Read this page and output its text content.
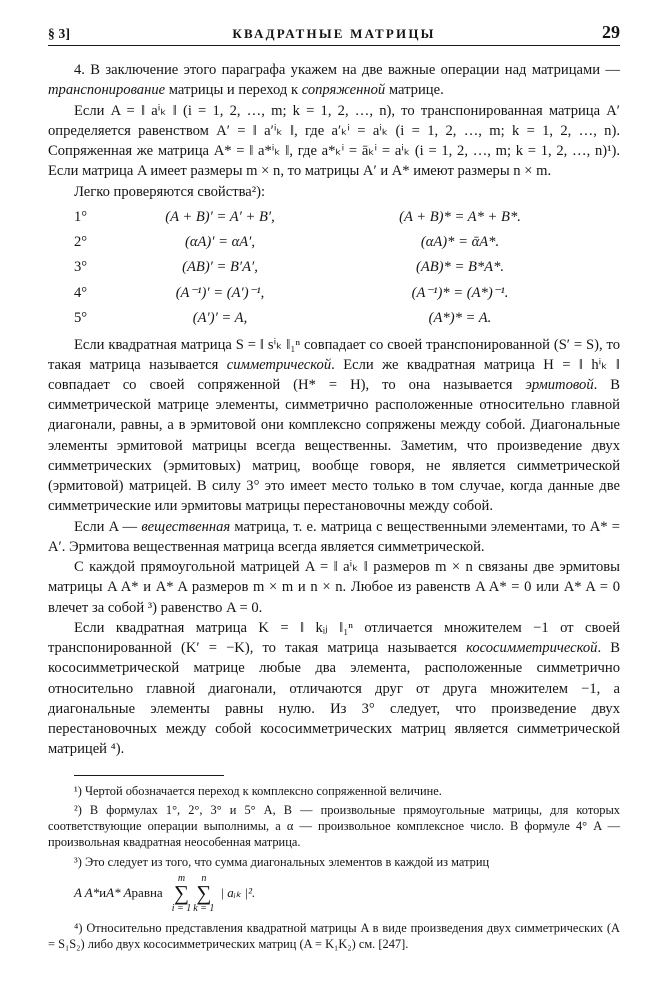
§ 3]	КВАДРАТНЫЕ МАТРИЦЫ	29

4. В заключение этого параграфа укажем на две важные операции над матрицами — транспонирование матрицы и переход к сопряженной матрице.

Если A = ‖ aⁱₖ ‖ (i = 1, 2, …, m; k = 1, 2, …, n), то транспонированная матрица A′ определяется равенством A′ = ‖ a′ⁱₖ ‖, где a′ₖⁱ = aⁱₖ (i = 1, 2, …, m; k = 1, 2, …, n). Сопряженная же матрица A* = ‖ a*ⁱₖ ‖, где a*ₖⁱ = āₖⁱ = aⁱₖ (i = 1, 2, …, m; k = 1, 2, …, n)¹). Если матрица A имеет размеры m × n, то матрицы A′ и A* имеют размеры n × m.

Легко проверяются свойства²):

1°	(A + B)′ = A′ + B′,	(A + B)* = A* + B*.
2°	(αA)′ = αA′,	(αA)* = ᾱA*.
3°	(AB)′ = B′A′,	(AB)* = B*A*.
4°	(A⁻¹)′ = (A′)⁻¹,	(A⁻¹)* = (A*)⁻¹.
5°	(A′)′ = A,	(A*)* = A.

Если квадратная матрица S = ‖ sⁱₖ ‖₁ⁿ совпадает со своей транспонированной (S′ = S), то такая матрица называется симметрической. Если же квадратная матрица H = ‖ hⁱₖ ‖ совпадает со своей сопряженной (H* = H), то она называется эрмитовой. В симметрической матрице элементы, симметрично расположенные относительно главной диагонали, равны, а в эрмитовой они комплексно сопряжены между собой. Диагональные элементы эрмитовой матрицы всегда вещественны. Заметим, что произведение двух симметрических (эрмитовых) матриц, вообще говоря, не является симметрической (эрмитовой) матрицей. В силу 3° это имеет место только в том случае, когда данные две симметрические или эрмитовы матрицы перестановочны между собой.

Если A — вещественная матрица, т. е. матрица с вещественными элементами, то A* = A′. Эрмитова вещественная матрица всегда является симметрической.

С каждой прямоугольной матрицей A = ‖ aⁱₖ ‖ размеров m × n связаны две эрмитовы матрицы A A* и A* A размеров m × m и n × n. Любое из равенств A A* = 0 или A* A = 0 влечет за собой ³) равенство A = 0.

Если квадратная матрица K = ‖ kᵢⱼ ‖₁ⁿ отличается множителем −1 от своей транспонированной (K′ = −K), то такая матрица называется кососимметрической. В кососимметрической матрице любые два элемента, расположенные симметрично относительно главной диагонали, отличаются друг от друга множителем −1, а диагональные элементы равны нулю. Из 3° следует, что произведение двух перестановочных между собой кососимметрических матриц является симметрической матрицей ⁴).

¹) Чертой обозначается переход к комплексно сопряженной величине.

²) В формулах 1°, 2°, 3° и 5° A, B — произвольные прямоугольные матрицы, для которых соответствующие операции выполнимы, а α — произвольное комплексное число. В формуле 4° A — произвольная квадратная неособенная матрица.

³) Это следует из того, что сумма диагональных элементов в каждой из матриц

A A* и A* A равна
m
∑
i = 1
n
∑
k = 1
| aᵢₖ |².

⁴) Относительно представления квадратной матрицы A в виде произведения двух симметрических (A = S₁S₂) либо двух кососимметрических матриц (A = K₁K₂) см. [247].
